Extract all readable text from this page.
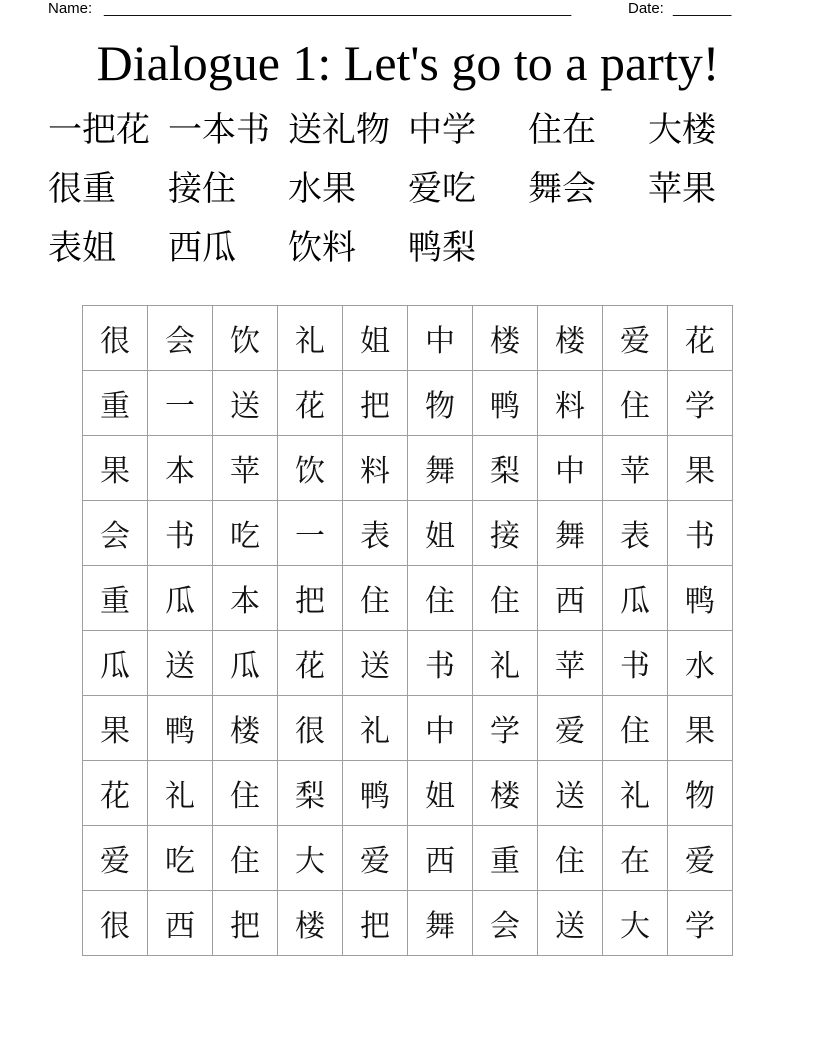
Name: ________________________________________________________	Date: _______
Dialogue 1: Let's go to a party!
一把花 一本书 送礼物 中学 住在 大楼
很重 接住 水果 爱吃 舞会 苹果
表姐 西瓜 饮料 鸭梨
很	会	饮	礼	姐	中	楼	楼	爱	花
重	一	送	花	把	物	鸭	料	住	学
果	本	苹	饮	料	舞	梨	中	苹	果
会	书	吃	一	表	姐	接	舞	表	书
重	瓜	本	把	住	住	住	西	瓜	鸭
瓜	送	瓜	花	送	书	礼	苹	书	水
果	鸭	楼	很	礼	中	学	爱	住	果
花	礼	住	梨	鸭	姐	楼	送	礼	物
爱	吃	住	大	爱	西	重	住	在	爱
很	西	把	楼	把	舞	会	送	大	学
